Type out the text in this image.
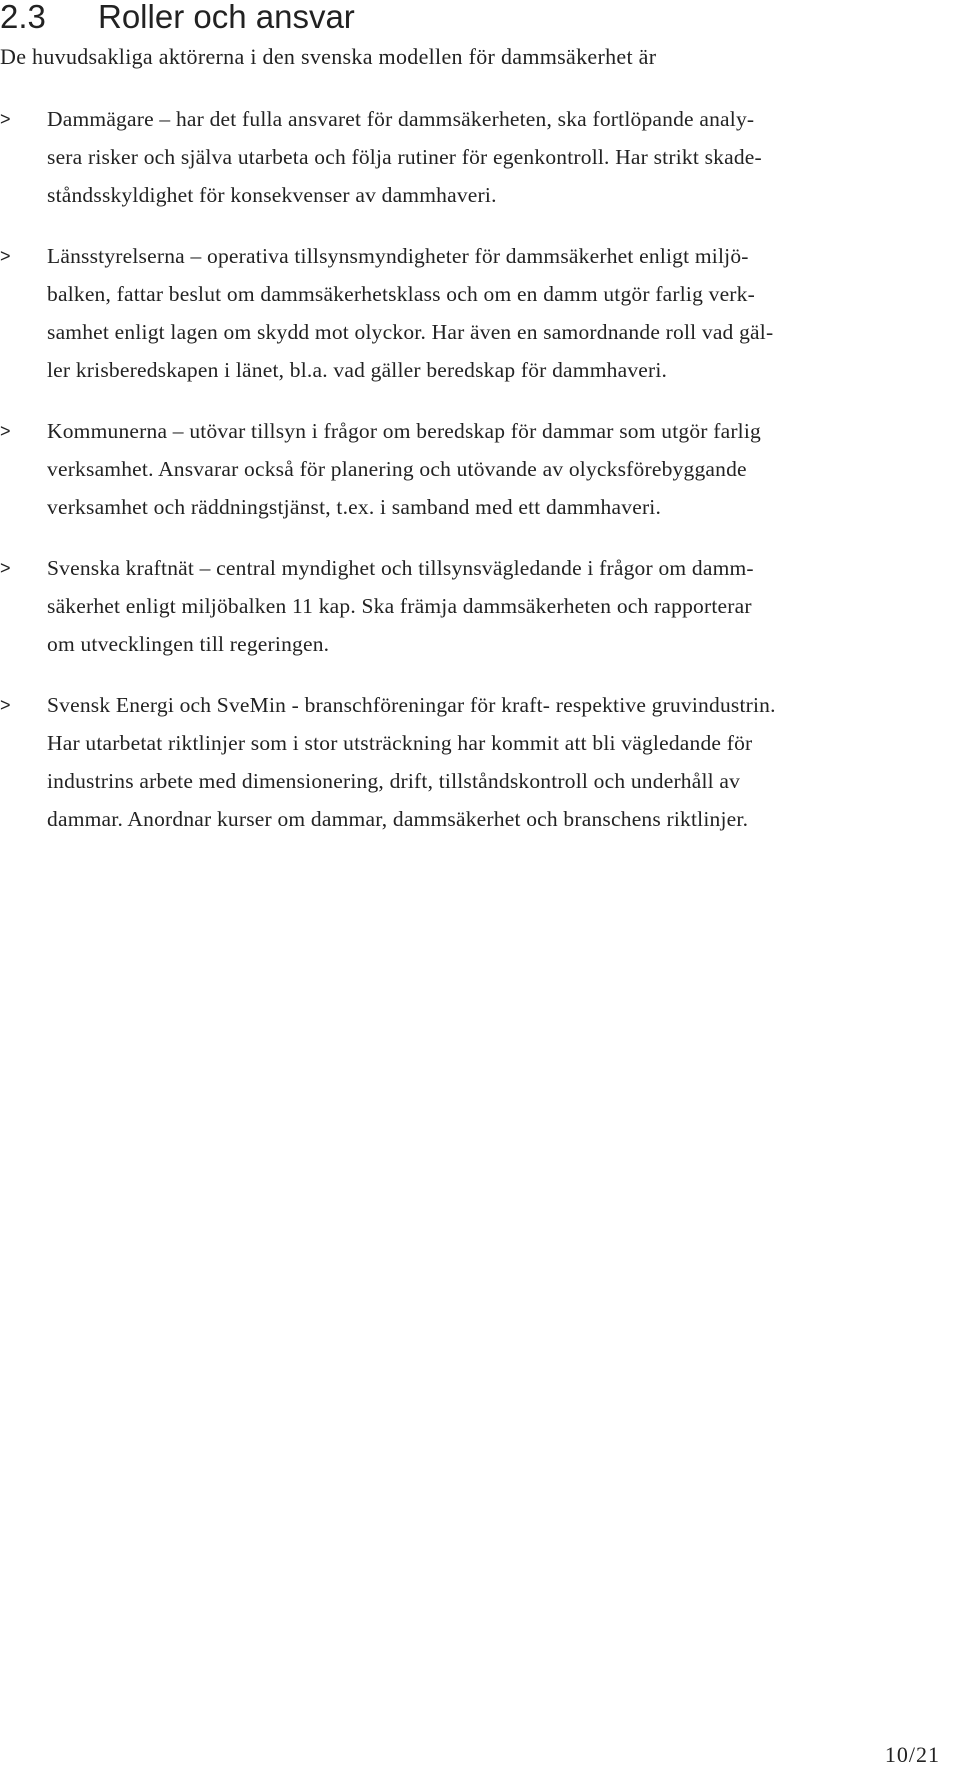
2.3 Roller och ansvar

De huvudsakliga aktörerna i den svenska modellen för dammsäkerhet är

>	Dammägare – har det fulla ansvaret för dammsäkerheten, ska fortlöpande analy-
sera risker och själva utarbeta och följa rutiner för egenkontroll. Har strikt skade-
ståndsskyldighet för konsekvenser av dammhaveri.
>	Länsstyrelserna – operativa tillsynsmyndigheter för dammsäkerhet enligt miljö-
balken, fattar beslut om dammsäkerhetsklass och om en damm utgör farlig verk-
samhet enligt lagen om skydd mot olyckor. Har även en samordnande roll vad gäl-
ler krisberedskapen i länet, bl.a. vad gäller beredskap för dammhaveri.
>	Kommunerna – utövar tillsyn i frågor om beredskap för dammar som utgör farlig
verksamhet. Ansvarar också för planering och utövande av olycksförebyggande
verksamhet och räddningstjänst, t.ex. i samband med ett dammhaveri.
>	Svenska kraftnät – central myndighet och tillsynsvägledande i frågor om damm-
säkerhet enligt miljöbalken 11 kap. Ska främja dammsäkerheten och rapporterar
om utvecklingen till regeringen.
>	Svensk Energi och SveMin - branschföreningar för kraft- respektive gruvindustrin.
Har utarbetat riktlinjer som i stor utsträckning har kommit att bli vägledande för
industrins arbete med dimensionering, drift, tillståndskontroll och underhåll av
dammar. Anordnar kurser om dammar, dammsäkerhet och branschens riktlinjer.
10/21
